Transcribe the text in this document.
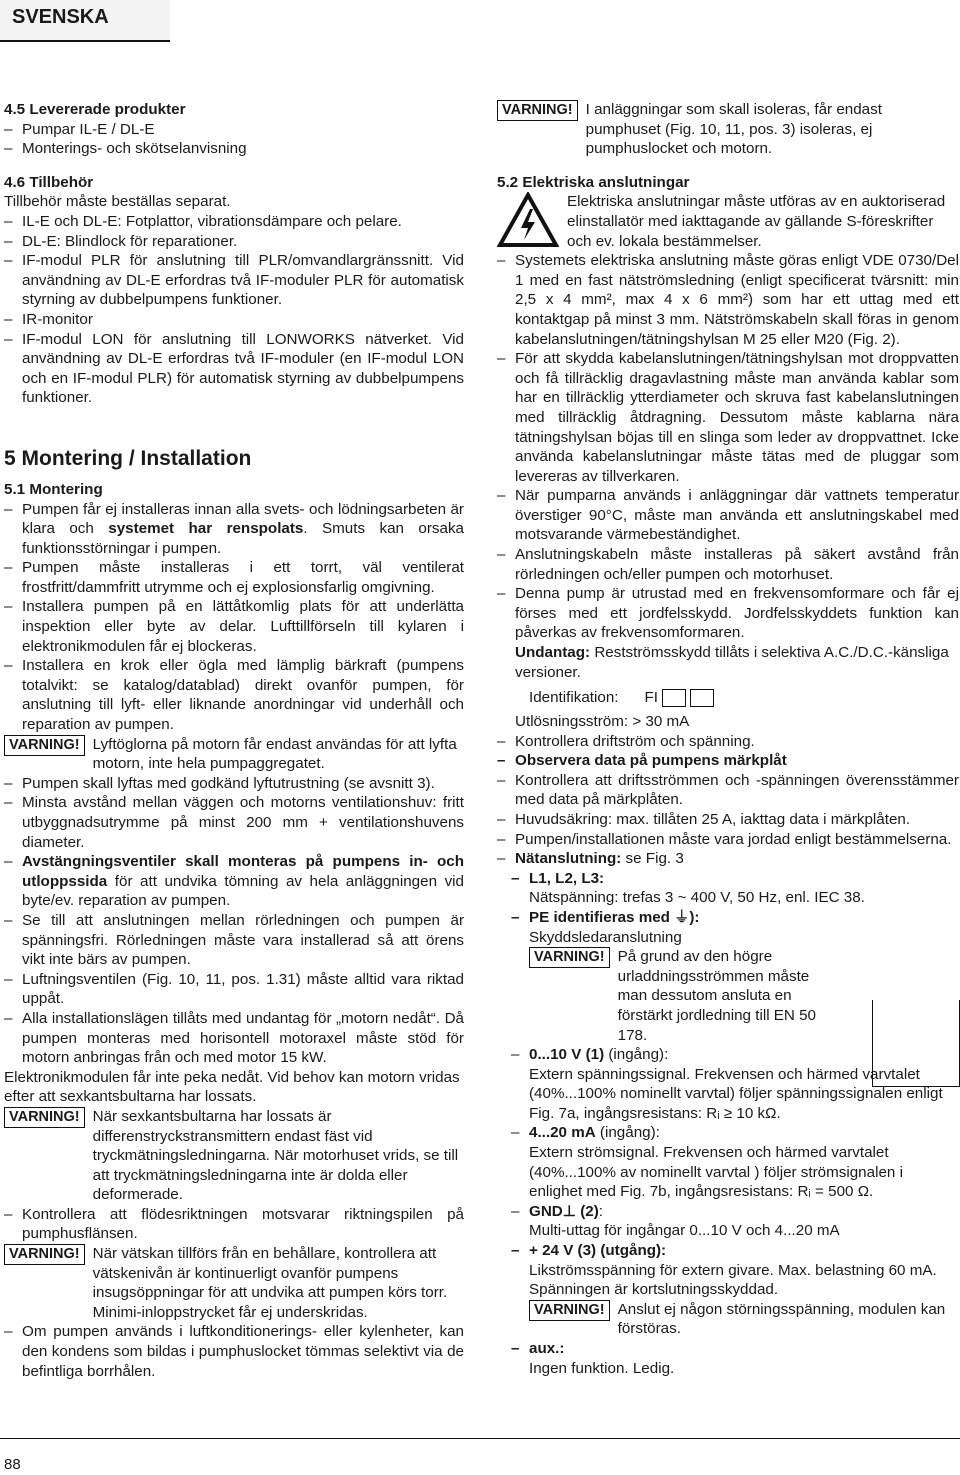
SVENSKA

4.5 Levererade produkter

– Pumpar IL-E / DL-E

– Monterings- och skötselanvisning

4.6 Tillbehör

Tillbehör måste beställas separat.

– IL-E och DL-E: Fotplattor, vibrationsdämpare och pelare.

– DL-E: Blindlock för reparationer.

– IF-modul PLR för anslutning till PLR/omvandlargränssnitt. Vid användning av DL-E erfordras två IF-moduler PLR för automatisk styrning av dubbelpumpens funktioner.

– IR-monitor

– IF-modul LON för anslutning till LONWORKS nätverket. Vid användning av DL-E erfordras två IF-moduler (en IF-modul LON och en IF-modul PLR) för automatisk styrning av dubbelpumpens funktioner.

5 Montering / Installation

5.1 Montering

– Pumpen får ej installeras innan alla svets- och lödningsarbeten är klara och systemet har renspolats. Smuts kan orsaka funktionsstörningar i pumpen.

– Pumpen måste installeras i ett torrt, väl ventilerat frostfritt/dammfritt utrymme och ej explosionsfarlig omgivning.

– Installera pumpen på en lättåtkomlig plats för att underlätta inspektion eller byte av delar. Lufttillförseln till kylaren i elektronikmodulen får ej blockeras.

– Installera en krok eller ögla med lämplig bärkraft (pumpens totalvikt: se katalog/datablad) direkt ovanför pumpen, för anslutning till lyft- eller liknande anordningar vid underhåll och reparation av pumpen.

VARNING! Lyftöglorna på motorn får endast användas för att lyfta motorn, inte hela pumpaggregatet.

– Pumpen skall lyftas med godkänd lyftutrustning (se avsnitt 3).

– Minsta avstånd mellan väggen och motorns ventilationshuv: fritt utbyggnadsutrymme på minst 200 mm + ventilationshuvens diameter.

– Avstängningsventiler skall monteras på pumpens in- och utloppssida för att undvika tömning av hela anläggningen vid byte/ev. reparation av pumpen.

– Se till att anslutningen mellan rörledningen och pumpen är spänningsfri. Rörledningen måste vara installerad så att örens vikt inte bärs av pumpen.

– Luftningsventilen (Fig. 10, 11, pos. 1.31) måste alltid vara riktad uppåt.

– Alla installationslägen tillåts med undantag för „motorn nedåt“. Då pumpen monteras med horisontell motoraxel måste stöd för motorn anbringas från och med motor 15 kW.

Elektronikmodulen får inte peka nedåt. Vid behov kan motorn vridas efter att sexkantsbultarna har lossats.

VARNING! När sexkantsbultarna har lossats är differenstryckstransmittern endast fäst vid tryckmätningsledningarna. När motorhuset vrids, se till att tryckmätningsledningarna inte är dolda eller deformerade.

– Kontrollera att flödesriktningen motsvarar riktningspilen på pumphusflänsen.

VARNING! När vätskan tillförs från en behållare, kontrollera att vätskenivån är kontinuerligt ovanför pumpens insugsöppningar för att undvika att pumpen körs torr. Minimi-inloppstrycket får ej underskridas.

– Om pumpen används i luftkonditionerings- eller kylenheter, kan den kondens som bildas i pumphuslocket tömmas selektivt via de befintliga borrhålen.

VARNING! I anläggningar som skall isoleras, får endast pumphuset (Fig. 10, 11, pos. 3) isoleras, ej pumphuslocket och motorn.

5.2 Elektriska anslutningar

Elektriska anslutningar måste utföras av en auktoriserad elinstallatör med iakttagande av gällande S-föreskrifter och ev. lokala bestämmelser.

– Systemets elektriska anslutning måste göras enligt VDE 0730/Del 1 med en fast nätströmsledning (enligt specificerat tvärsnitt: min 2,5 x 4 mm², max 4 x 6 mm²) som har ett uttag med ett kontaktgap på minst 3 mm. Nätströmskabeln skall föras in genom kabelanslutningen/tätningshylsan M 25 eller M20 (Fig. 2).

– För att skydda kabelanslutningen/tätningshylsan mot droppvatten och få tillräcklig dragavlastning måste man använda kablar som har en tillräcklig ytterdiameter och skruva fast kabelanslutningen med tillräcklig åtdragning. Dessutom måste kablarna nära tätningshylsan böjas till en slinga som leder av droppvattnet. Icke använda kabelanslutningar måste tätas med de pluggar som levereras av tillverkaren.

– När pumparna används i anläggningar där vattnets temperatur överstiger 90°C, måste man använda ett anslutningskabel med motsvarande värmebeständighet.

– Anslutningskabeln måste installeras på säkert avstånd från rörledningen och/eller pumpen och motorhuset.

– Denna pump är utrustad med en frekvensomformare och får ej förses med ett jordfelsskydd. Jordfelsskyddets funktion kan påverkas av frekvensomformaren.

Undantag: Restströmsskydd tillåts i selektiva A.C./D.C.-känsliga versioner.

Identifikation: FI

Utlösningsström: > 30 mA

– Kontrollera driftström och spänning.

– Observera data på pumpens märkplåt

– Kontrollera att driftsströmmen och -spänningen överensstämmer med data på märkplåten.

– Huvudsäkring: max. tillåten 25 A, iakttag data i märkplåten.

– Pumpen/installationen måste vara jordad enligt bestämmelserna.

– Nätanslutning: se Fig. 3

– L1, L2, L3:

Nätspänning: trefas 3 ~ 400 V, 50 Hz, enl. IEC 38.

– PE identifieras med ⏚):

Skyddsledaranslutning

VARNING! På grund av den högre urladdningsströmmen måste man dessutom ansluta en förstärkt jordledning till EN 50 178.

– 0...10 V (1) (ingång):

Extern spänningssignal. Frekvensen och härmed varvtalet (40%...100% nominellt varvtal) följer spänningssignalen enligt Fig. 7a, ingångsresistans: Rᵢ ≥ 10 kΩ.

– 4...20 mA (ingång):

Extern strömsignal. Frekvensen och härmed varvtalet (40%...100% av nominellt varvtal ) följer strömsignalen i enlighet med Fig. 7b, ingångsresistans: Rᵢ = 500 Ω.

– GND⊥ (2):

Multi-uttag för ingångar 0...10 V och 4...20 mA

– + 24 V (3) (utgång):

Likströmsspänning för extern givare. Max. belastning 60 mA. Spänningen är kortslutningsskyddad.

VARNING! Anslut ej någon störningsspänning, modulen kan förstöras.

– aux.:

Ingen funktion. Ledig.

88
